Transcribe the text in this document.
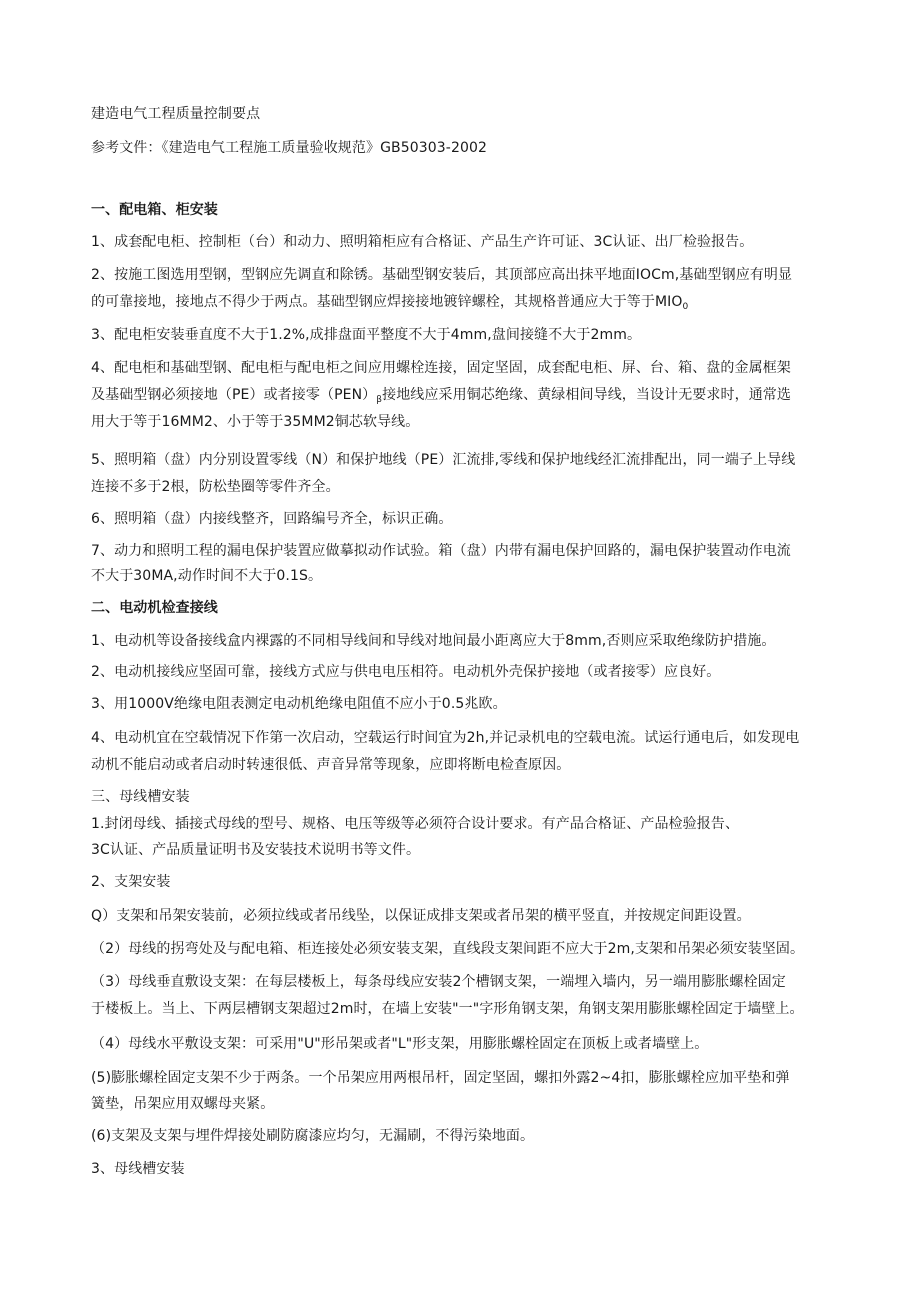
建造电气工程质量控制要点
参考文件：《建造电气工程施工质量验收规范》GB50303-2002
一、配电箱、柜安装
1、成套配电柜、控制柜（台）和动力、照明箱柜应有合格证、产品生产许可证、3C认证、出厂检验报告。
2、按施工图选用型钢，型钢应先调直和除锈。基础型钢安装后，其顶部应高出抹平地面IOCm,基础型钢应有明显
的可靠接地，接地点不得少于两点。基础型钢应焊接接地镀锌螺栓，其规格普通应大于等于$MIO_0$
3、配电柜安装垂直度不大于1.2%,成排盘面平整度不大于4mm,盘间接缝不大于2mm。
4、配电柜和基础型钢、配电柜与配电柜之间应用螺栓连接，固定坚固，成套配电柜、屏、台、箱、盘的金属框架
及基础型钢必须接地（PE）或者接零$(PEN)_\beta$接地线应采用铜芯绝缘、黄绿相间导线，当设计无要求时，通常选
用大于等于16MM2、小于等于35MM2铜芯软导线。
5、照明箱（盘）内分别设置零线（N）和保护地线（PE）汇流排,零线和保护地线经汇流排配出，同一端子上导线
连接不多于2根，防松垫圈等零件齐全。
6、照明箱（盘）内接线整齐，回路编号齐全，标识正确。
7、动力和照明工程的漏电保护装置应做摹拟动作试验。箱（盘）内带有漏电保护回路的，漏电保护装置动作电流
不大于30MA,动作时间不大于0.1S。
二、电动机检查接线
1、电动机等设备接线盒内裸露的不同相导线间和导线对地间最小距离应大于8mm,否则应采取绝缘防护措施。
2、电动机接线应坚固可靠，接线方式应与供电电压相符。电动机外壳保护接地（或者接零）应良好。
3、用1000V绝缘电阻表测定电动机绝缘电阻值不应小于0.5兆欧。
4、电动机宜在空载情况下作第一次启动，空载运行时间宜为2h,并记录机电的空载电流。试运行通电后，如发现电
动机不能启动或者启动时转速很低、声音异常等现象，应即将断电检查原因。
三、母线槽安装
1.封闭母线、插接式母线的型号、规格、电压等级等必须符合设计要求。有产品合格证、产品检验报告、
3C认证、产品质量证明书及安装技术说明书等文件。
2、支架安装
Q）支架和吊架安装前，必须拉线或者吊线坠，以保证成排支架或者吊架的横平竖直，并按规定间距设置。
（2）母线的拐弯处及与配电箱、柜连接处必须安装支架，直线段支架间距不应大于2m,支架和吊架必须安装坚固。
（3）母线垂直敷设支架：在每层楼板上，每条母线应安装2个槽钢支架，一端埋入墙内，另一端用膨胀螺栓固定
于楼板上。当上、下两层槽钢支架超过2m时，在墙上安装"一"字形角钢支架，角钢支架用膨胀螺栓固定于墙壁上。
（4）母线水平敷设支架：可采用"U"形吊架或者"L"形支架，用膨胀螺栓固定在顶板上或者墙壁上。
(5)膨胀螺栓固定支架不少于两条。一个吊架应用两根吊杆，固定坚固，螺扣外露2~4扣，膨胀螺栓应加平垫和弹
簧垫，吊架应用双螺母夹紧。
(6)支架及支架与埋件焊接处刷防腐漆应均匀，无漏刷，不得污染地面。
3、母线槽安装
